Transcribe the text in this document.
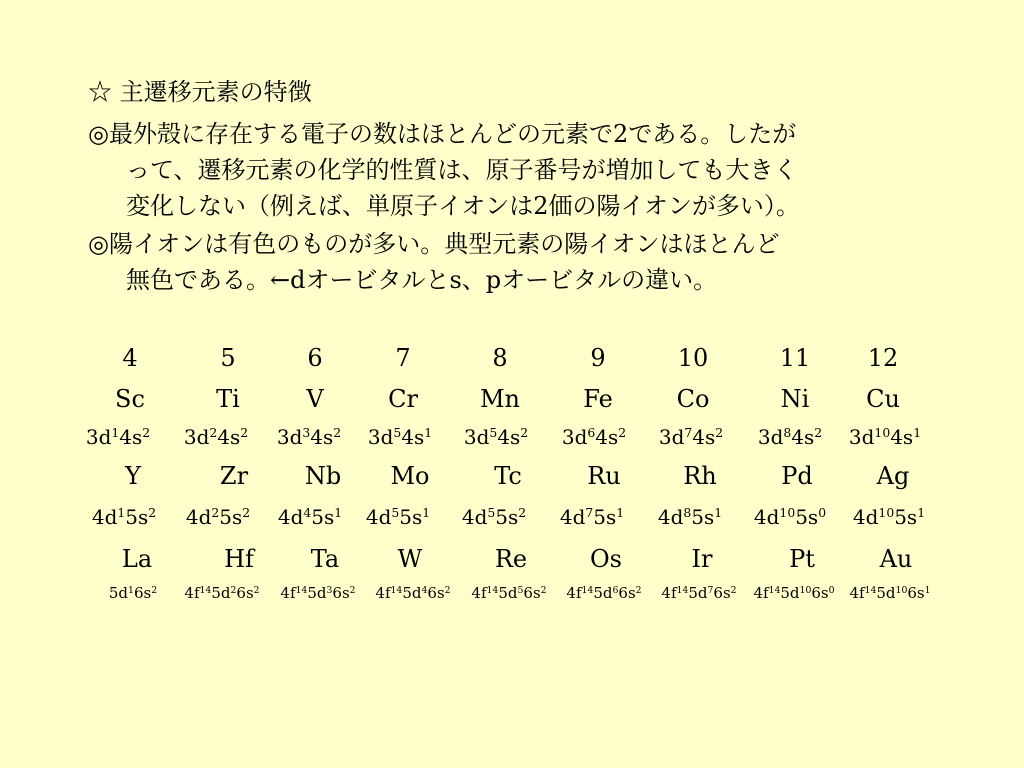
☆ 主遷移元素の特徴
◎最外殻に存在する電子の数はほとんどの元素で2である。したが
って、遷移元素の化学的性質は、原子番号が増加しても大きく
変化しない（例えば、単原子イオンは2価の陽イオンが多い）。
◎陽イオンは有色のものが多い。典型元素の陽イオンはほとんど
無色である。←dオービタルとs、pオービタルの違い。
4	5	6	7	8	9	10	11 12
Sc	Ti	V	Cr	Mn	Fe	Co	Ni Cu
$3d^14s^2$ $3d^24s^2$ $3d^34s^2$ $3d^54s^1$ $3d^54s^2$ $3d^64s^2$ $3d^74s^2$ $3d^84s^2$ $3d^{10}4s^1$
Y	Zr Nb Mo	Tc	Ru	Rh	Pd	Ag
$4d^15s^2$ $4d^25s^2$ $4d^45s^1$ $4d^55s^1$ $4d^55s^2$ $4d^75s^1$ $4d^85s^1$ $4d^{10}5s^0$ $4d^{10}5s^1$
La	Hf Ta W	Re	Os	Ir	Pt	Au
$5d^16s^2$ $4f^{14}5d^26s^2$ $4f^{14}5d^36s^2$ $4f^{14}5d^46s^2$ $4f^{14}5d^56s^2$ $4f^{14}5d^66s^2$ $4f^{14}5d^76s^2$ $4f^{14}5d^{10}6s^0$ $4f^{14}5d^{10}6s^1$
